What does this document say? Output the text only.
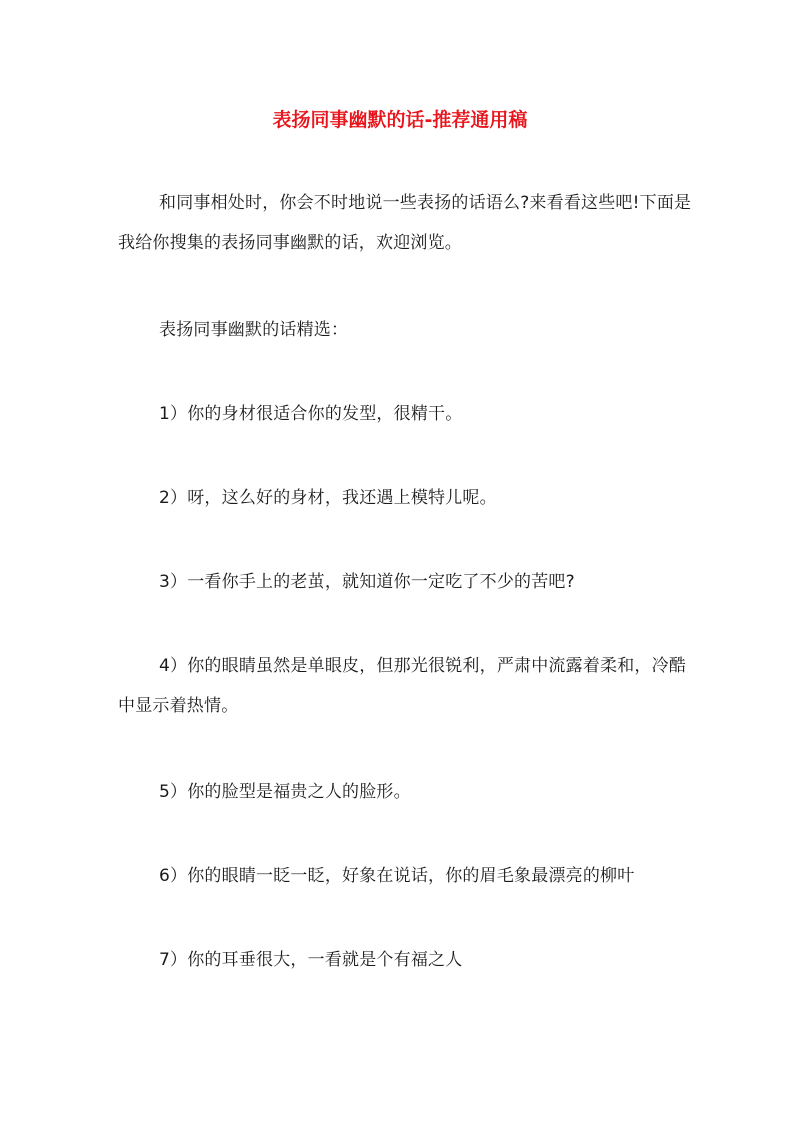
表扬同事幽默的话-推荐通用稿
和同事相处时，你会不时地说一些表扬的话语么?来看看这些吧!下面是我给你搜集的表扬同事幽默的话，欢迎浏览。
表扬同事幽默的话精选：
1）你的身材很适合你的发型，很精干。
2）呀，这么好的身材，我还遇上模特儿呢。
3）一看你手上的老茧，就知道你一定吃了不少的苦吧?
4）你的眼睛虽然是单眼皮，但那光很锐利，严肃中流露着柔和，冷酷中显示着热情。
5）你的脸型是福贵之人的脸形。
6）你的眼睛一眨一眨，好象在说话，你的眉毛象最漂亮的柳叶
7）你的耳垂很大，一看就是个有福之人
